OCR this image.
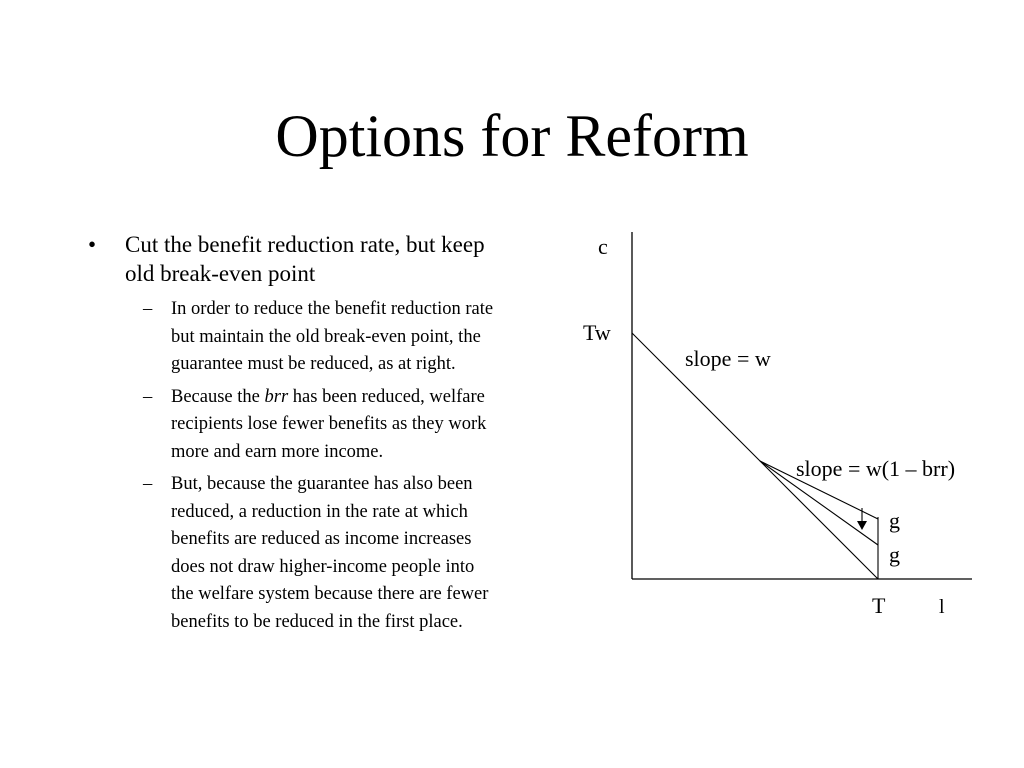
Options for Reform
• Cut the benefit reduction rate, but keep old break-even point
– In order to reduce the benefit reduction rate but maintain the old break-even point, the guarantee must be reduced, as at right.
– Because the brr has been reduced, welfare recipients lose fewer benefits as they work more and earn more income.
– But, because the guarantee has also been reduced, a reduction in the rate at which benefits are reduced as income increases does not draw higher-income people into the welfare system because there are fewer benefits to be reduced in the first place.
c
Tw
slope = w
slope = w(1 – brr)
g
g
T	l
